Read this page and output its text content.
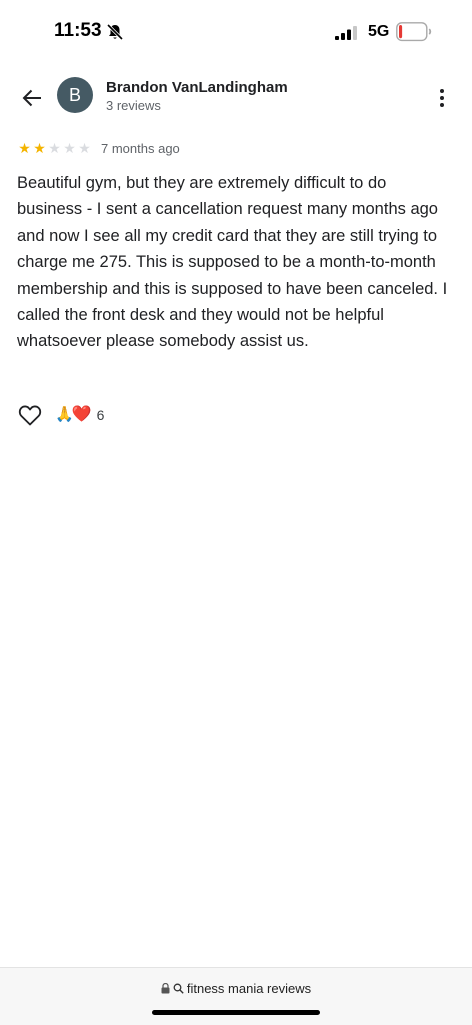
11:53	5G
B	Brandon VanLandingham
3 reviews
★ ★ ★ ★ ★ 7 months ago
Beautiful gym, but they are extremely difficult to do business - I sent a cancellation request many months ago and now I see all my credit card that they are still trying to charge me 275. This is supposed to be a month-to-month membership and this is supposed to have been canceled. I called the front desk and they would not be helpful whatsoever please somebody assist us.
🙏
❤️ 6
fitness mania reviews
